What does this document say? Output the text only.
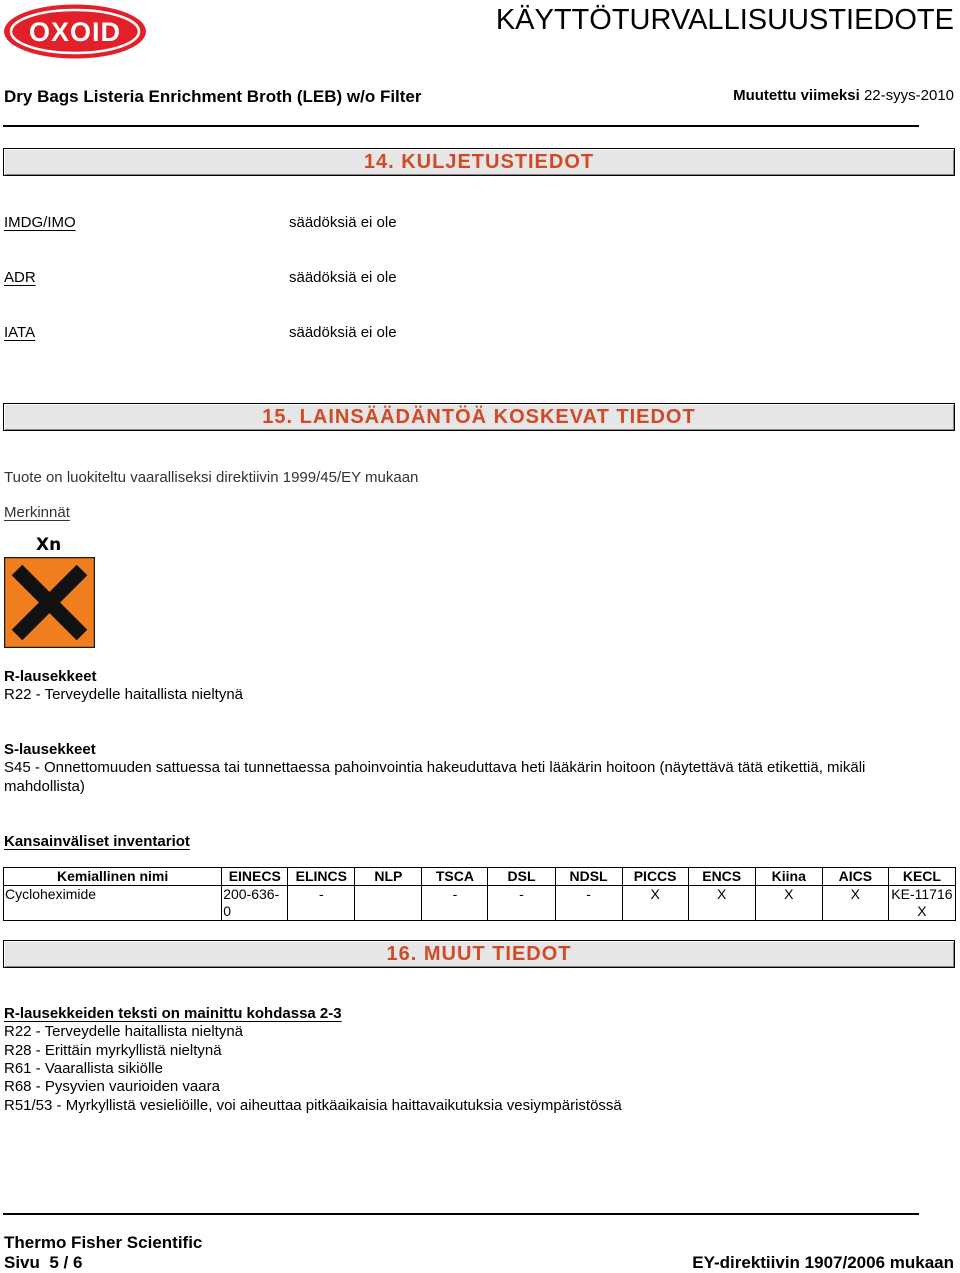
OXOID	KÄYTTÖTURVALLISUUSTIEDOTE
Dry Bags Listeria Enrichment Broth (LEB) w/o Filter	Muutettu viimeksi 22-syys-2010
14. KULJETUSTIEDOT
IMDG/IMO	säädöksiä ei ole
ADR	säädöksiä ei ole
IATA	säädöksiä ei ole
15. LAINSÄÄDÄNTÖÄ KOSKEVAT TIEDOT
Tuote on luokiteltu vaaralliseksi direktiivin 1999/45/EY mukaan
Merkinnät
Xn
R-lausekkeet
R22 - Terveydelle haitallista nieltynä
S-lausekkeet
S45 - Onnettomuuden sattuessa tai tunnettaessa pahoinvointia hakeuduttava heti lääkärin hoitoon (näytettävä tätä etikettiä, mikäli
mahdollista)
Kansainväliset inventariot
Kemiallinen nimi	EINECS	ELINCS	NLP	TSCA	DSL	NDSL	PICCS	ENCS	Kiina	AICS	KECL
Cycloheximide	200-636-0	-		-	-	-	X	X	X	X	KE-11716 X
16. MUUT TIEDOT
R-lausekkeiden teksti on mainittu kohdassa 2-3
R22 - Terveydelle haitallista nieltynä
R28 - Erittäin myrkyllistä nieltynä
R61 - Vaarallista sikiölle
R68 - Pysyvien vaurioiden vaara
R51/53 - Myrkyllistä vesieliöille, voi aiheuttaa pitkäaikaisia haittavaikutuksia vesiympäristössä
Thermo Fisher Scientific
Sivu 5 / 6	EY-direktiivin 1907/2006 mukaan
